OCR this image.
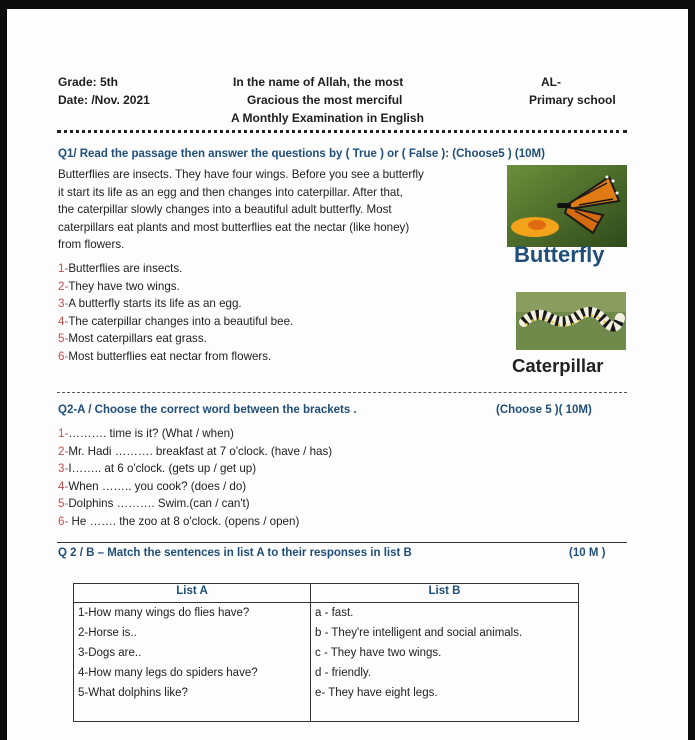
Grade: 5th
Date: /Nov. 2021
In the name of Allah, the most
Gracious the most merciful
A Monthly Examination in English
AL-
Primary school
Q1/ Read the passage then answer the questions by ( True ) or ( False ): (Choose5 ) (10M)
Butterflies are insects. They have four wings. Before you see a butterfly
it start its life as an egg and then changes into caterpillar. After that,
the caterpillar slowly changes into a beautiful adult butterfly. Most
caterpillars eat plants and most butterflies eat the nectar (like honey)
from flowers.
1-Butterflies are insects.
2-They have two wings.
3-A butterfly starts its life as an egg.
4-The caterpillar changes into a beautiful bee.
5-Most caterpillars eat grass.
6-Most butterflies eat nectar from flowers.
Butterfly
Caterpillar
Q2-A / Choose the correct word between the brackets .	(Choose 5 )( 10M)
1-………. time is it? (What / when)
2-Mr. Hadi ………. breakfast at 7 o'clock. (have / has)
3-I…….. at 6 o'clock. (gets up / get up)
4-When …….. you cook? (does / do)
5-Dolphins ………. Swim.(can / can't)
6- He ……. the zoo at 8 o'clock. (opens / open)
Q 2 / B – Match the sentences in list A to their responses in list B	(10 M )
List A	List B
1-How many wings do flies have?	a - fast.
2-Horse is..	b - They're intelligent and social animals.
3-Dogs are..	c - They have two wings.
4-How many legs do spiders have?	d - friendly.
5-What dolphins like?	e- They have eight legs.
